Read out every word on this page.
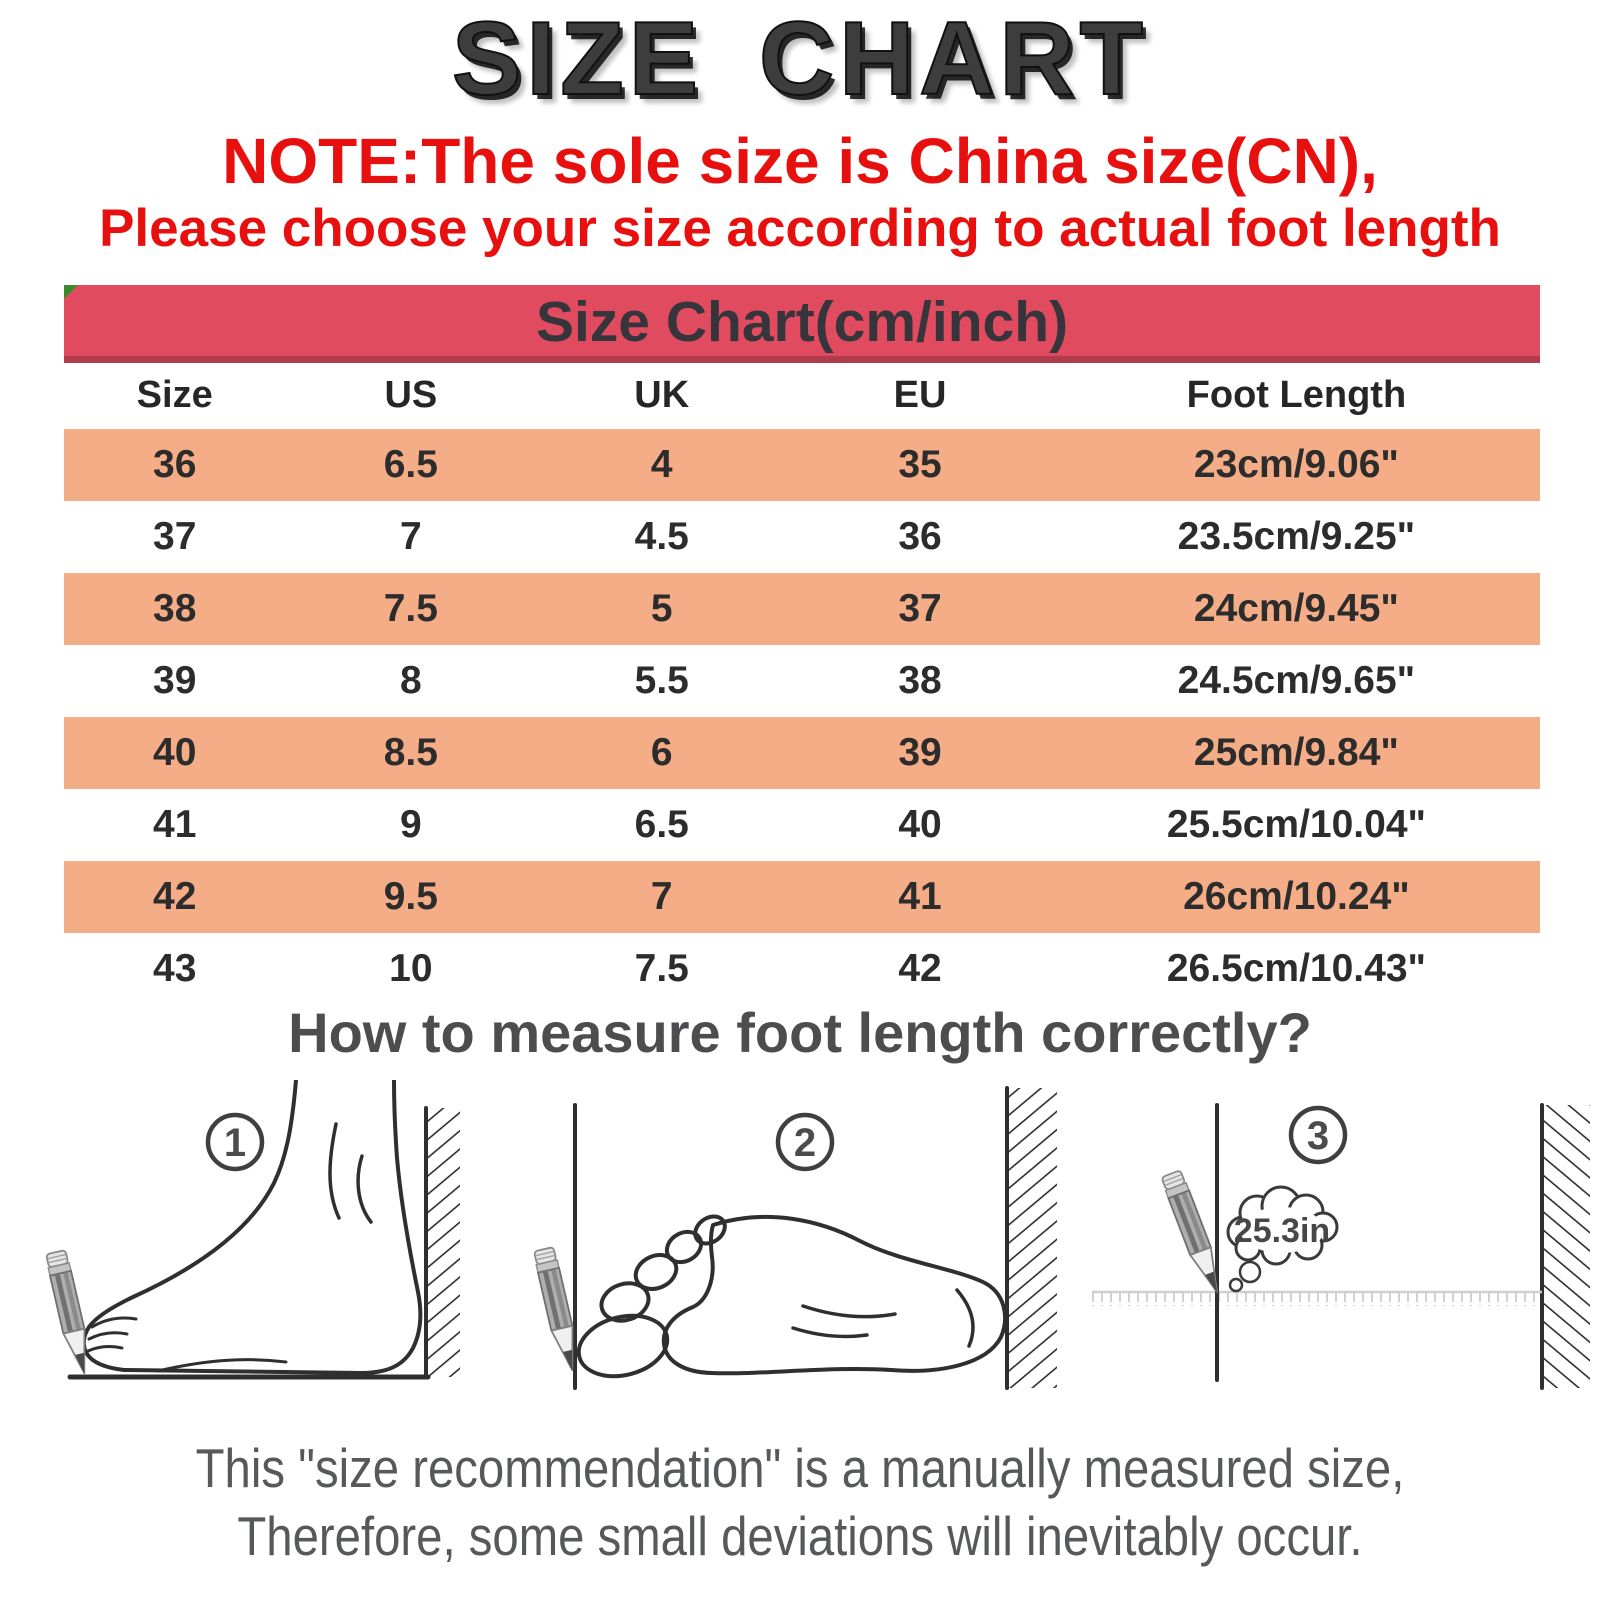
SIZE CHART
NOTE:The sole size is China size(CN),
Please choose your size according to actual foot length
Size Chart(cm/inch)
Size	US	UK	EU	Foot Length
36	6.5	4	35	23cm/9.06"
37	7	4.5	36	23.5cm/9.25"
38	7.5	5	37	24cm/9.45"
39	8	5.5	38	24.5cm/9.65"
40	8.5	6	39	25cm/9.84"
41	9	6.5	40	25.5cm/10.04"
42	9.5	7	41	26cm/10.24"
43	10	7.5	42	26.5cm/10.43"
How to measure foot length correctly?
1	2
25.3in
3
This "size recommendation" is a manually measured size,
Therefore, some small deviations will inevitably occur.
